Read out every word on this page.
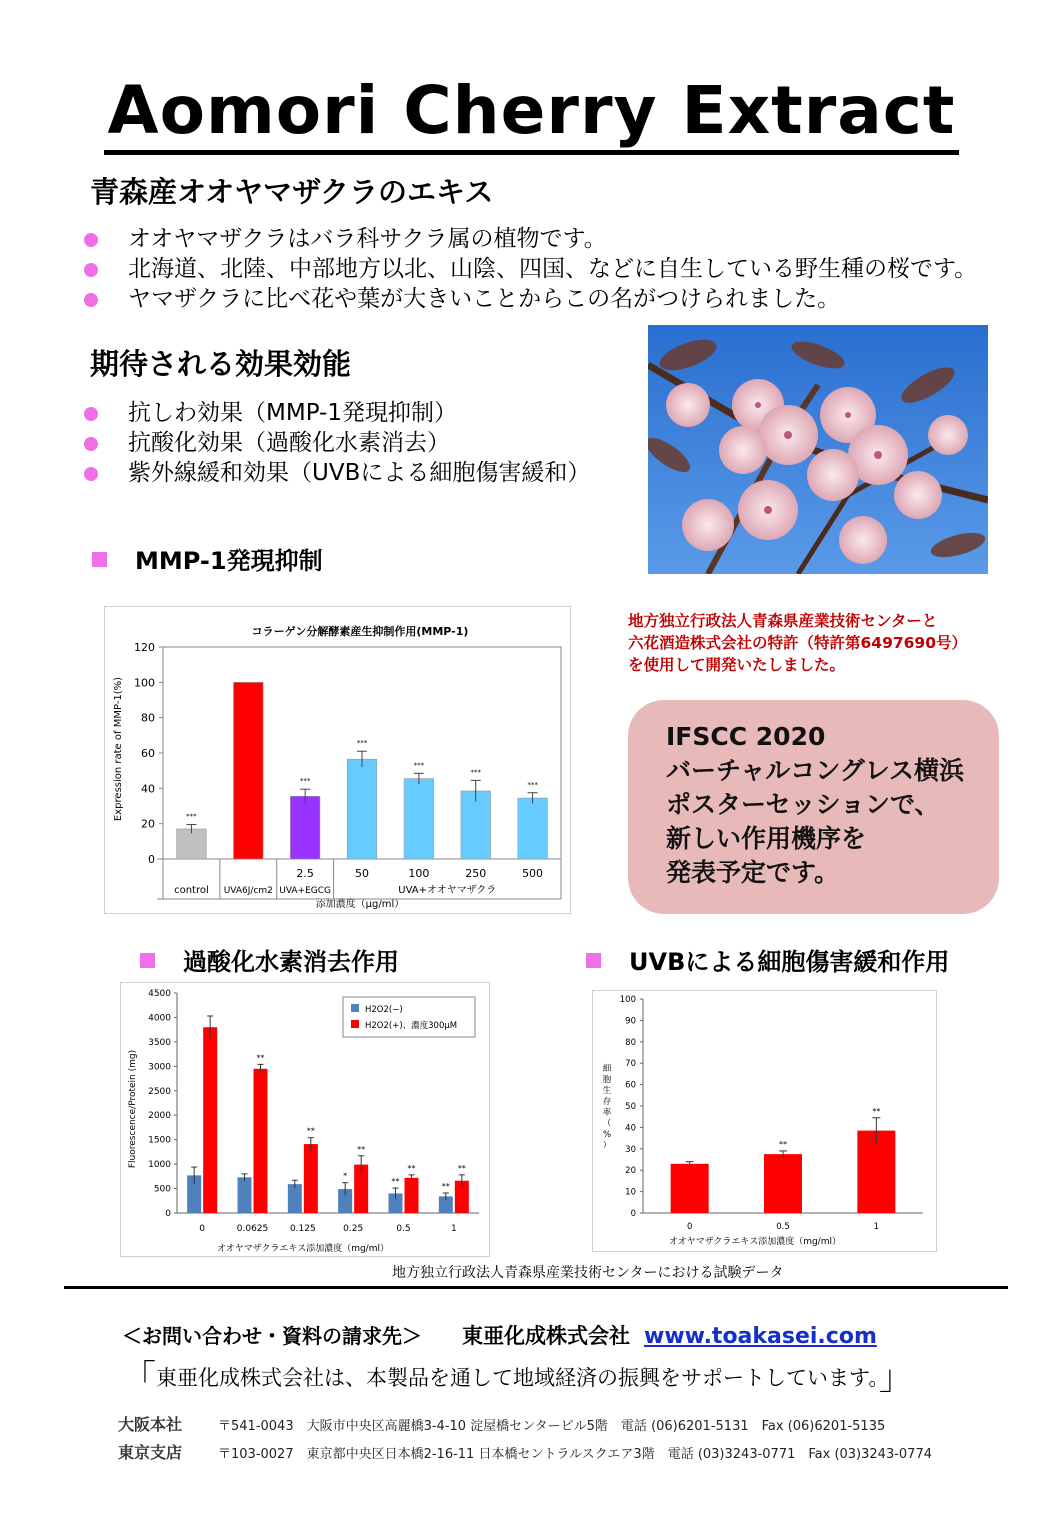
Aomori Cherry Extract
青森産オオヤマザクラのエキス
オオヤマザクラはバラ科サクラ属の植物です。
北海道、北陸、中部地方以北、山陰、四国、などに自生している野生種の桜です。
ヤマザクラに比べ花や葉が大きいことからこの名がつけられました。
期待される効果効能
抗しわ効果（MMP-1発現抑制）
抗酸化効果（過酸化水素消去）
紫外線緩和効果（UVBによる細胞傷害緩和）
MMP-1発現抑制
コラーゲン分解酵素産生抑制作用(MMP-1)
Expression rate of MMP-1(%)
添加濃度（μg/ml）
0
20
40
60
80
100
120
***
***
2.5
***
50
***
100
***
250
***
500
control UVA6J/cm2 UVA+EGCG	UVA+オオヤマザクラ
地方独立行政法人青森県産業技術センターと
六花酒造株式会社の特許（特許第6497690号）
を使用して開発いたしました。
IFSCC 2020
バーチャルコングレス横浜
ポスターセッションで、
新しい作用機序を
発表予定です。
過酸化水素消去作用	UVBによる細胞傷害緩和作用
Fluorescence/Protein (mg)
オオヤマザクラエキス添加濃度（mg/ml）
0
500
1000
1500
2000
2500
3000
3500
4000
4500
0	0.0625
**
0.125
**
0.25
*
**
0.5
**
**
1
**
**
H2O2(−)
H2O2(+)、濃度300μM
オオヤマザクラエキス添加濃度（mg/ml）
0
10
20
30
40
50
60
70
80
90
100
細
胞
生
存
率
（
%
）
0
**
0.5
**
1
地方独立行政法人青森県産業技術センターにおける試験データ
＜お問い合わせ・資料の請求先＞ 東亜化成株式会社 www.toakasei.com
「東亜化成株式会社は、本製品を通して地域経済の振興をサポートしています。」
大阪本社	〒541-0043　大阪市中央区高麗橋3-4-10 淀屋橋センタービル5階　電話 (06)6201-5131　Fax (06)6201-5135
東京支店	〒103-0027　東京都中央区日本橋2-16-11 日本橋セントラルスクエア3階　電話 (03)3243-0771　Fax (03)3243-0774
